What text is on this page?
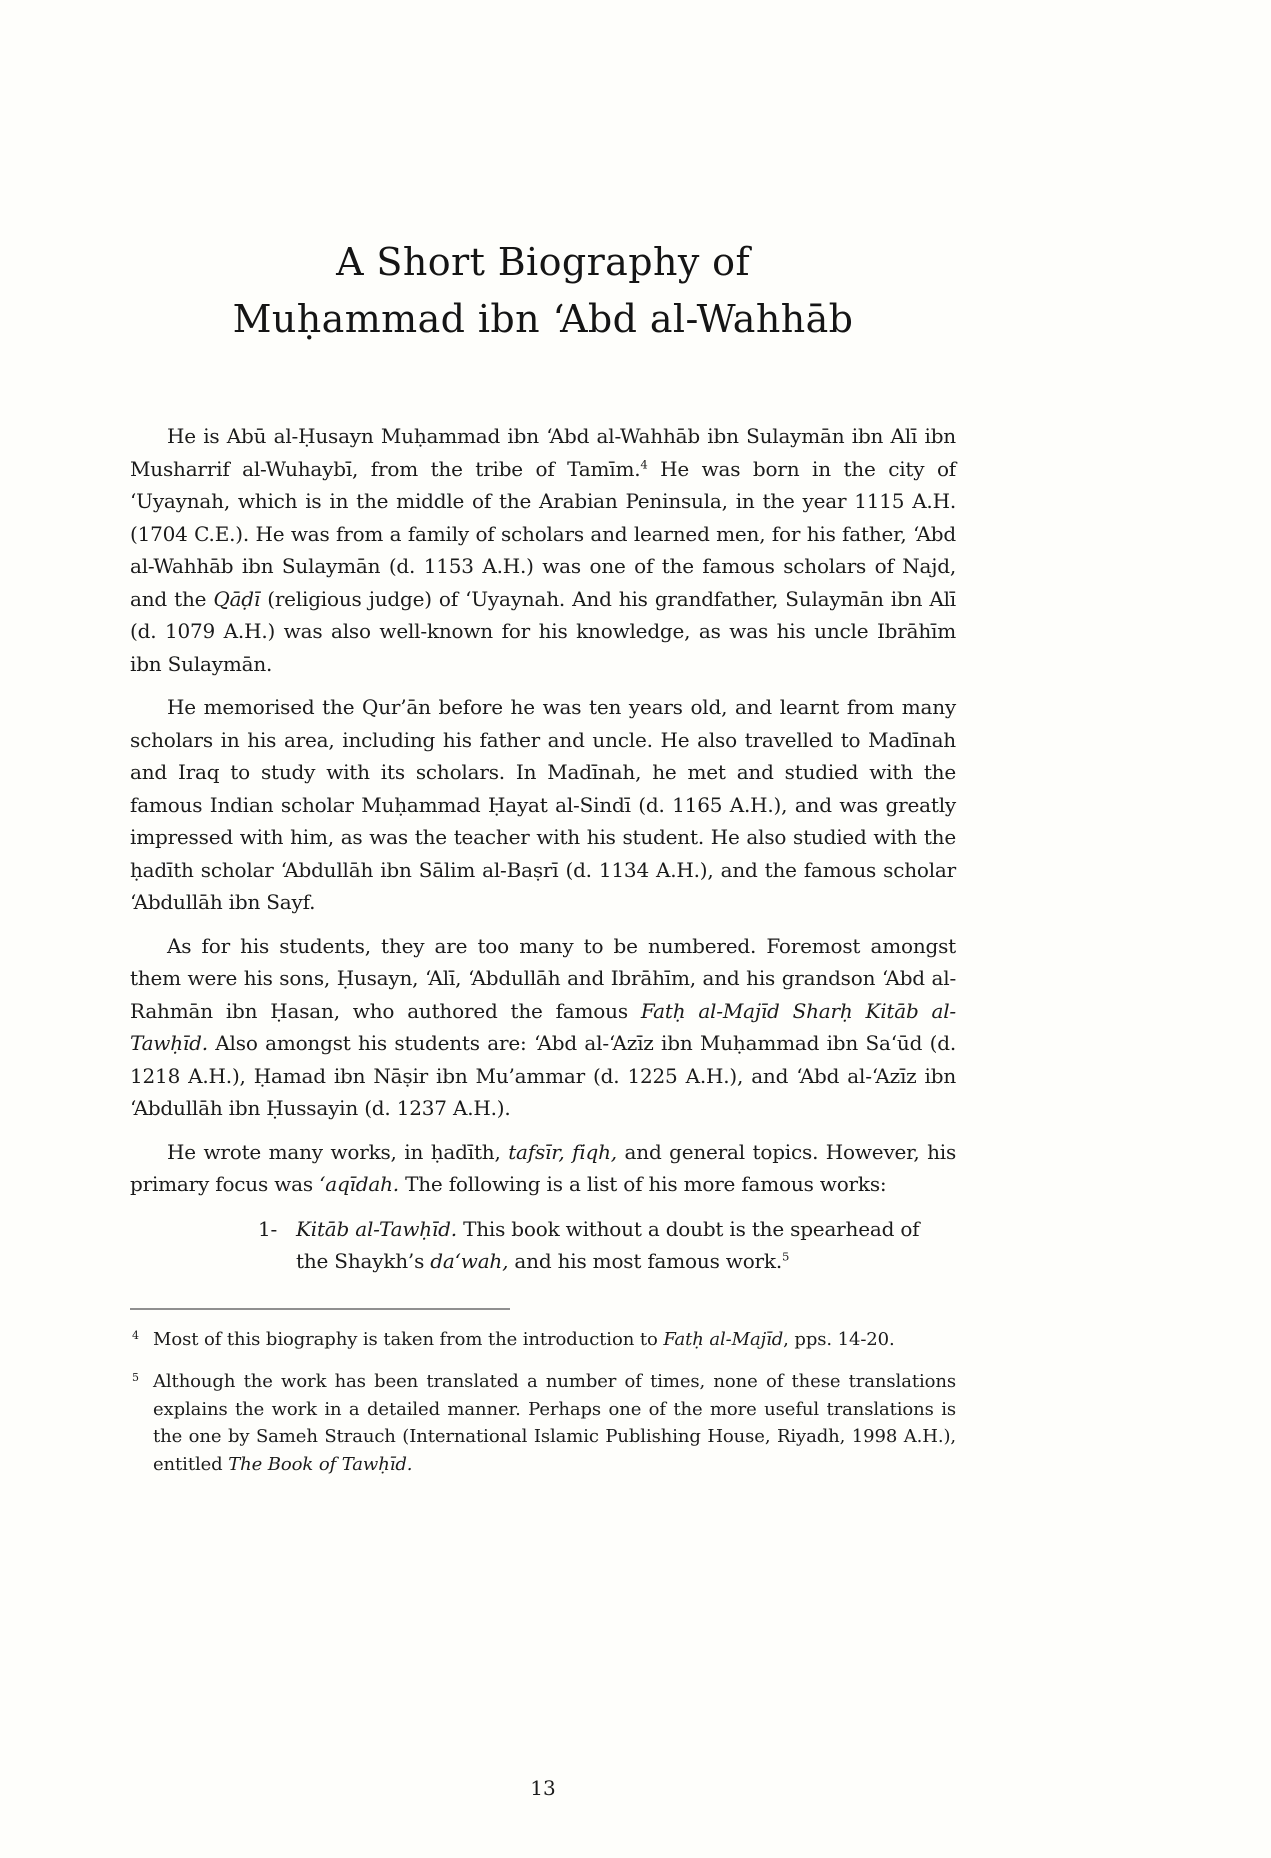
A Short Biography of
Muḥammad ibn ‘Abd al-Wahhāb

He is Abū al-Ḥusayn Muḥammad ibn ‘Abd al-Wahhāb ibn Sulaymān ibn Alī ibn Musharrif al-Wuhaybī, from the tribe of Tamīm.$^4$ He was born in the city of ‘Uyaynah, which is in the middle of the Arabian Peninsula, in the year 1115 A.H. (1704 C.E.). He was from a family of scholars and learned men, for his father, ‘Abd al-Wahhāb ibn Sulaymān (d. 1153 A.H.) was one of the famous scholars of Najd, and the Qāḍī (religious judge) of ‘Uyaynah. And his grandfather, Sulaymān ibn Alī (d. 1079 A.H.) was also well-known for his knowledge, as was his uncle Ibrāhīm ibn Sulaymān.

He memorised the Qur’ān before he was ten years old, and learnt from many scholars in his area, including his father and uncle. He also travelled to Madīnah and Iraq to study with its scholars. In Madīnah, he met and studied with the famous Indian scholar Muḥammad Ḥayat al-Sindī (d. 1165 A.H.), and was greatly impressed with him, as was the teacher with his student. He also studied with the ḥadīth scholar ‘Abdullāh ibn Sālim al-Baṣrī (d. 1134 A.H.), and the famous scholar ‘Abdullāh ibn Sayf.

As for his students, they are too many to be numbered. Foremost amongst them were his sons, Ḥusayn, ‘Alī, ‘Abdullāh and Ibrāhīm, and his grandson ‘Abd al-Rahmān ibn Ḥasan, who authored the famous Fatḥ al-Majīd Sharḥ Kitāb al-Tawḥīd. Also amongst his students are: ‘Abd al-‘Azīz ibn Muḥammad ibn Sa‘ūd (d. 1218 A.H.), Ḥamad ibn Nāṣir ibn Mu’ammar (d. 1225 A.H.), and ‘Abd al-‘Azīz ibn ‘Abdullāh ibn Ḥussayin (d. 1237 A.H.).

He wrote many works, in ḥadīth, tafsīr, fiqh, and general topics. However, his primary focus was ‘aqīdah. The following is a list of his more famous works:

1- Kitāb al-Tawḥīd. This book without a doubt is the spearhead of the Shaykh’s da‘wah, and his most famous work.$^5$

4 Most of this biography is taken from the introduction to Fatḥ al-Majīd, pps. 14-20.

5 Although the work has been translated a number of times, none of these translations explains the work in a detailed manner. Perhaps one of the more useful translations is the one by Sameh Strauch (International Islamic Publishing House, Riyadh, 1998 A.H.), entitled The Book of Tawḥīd.

13
